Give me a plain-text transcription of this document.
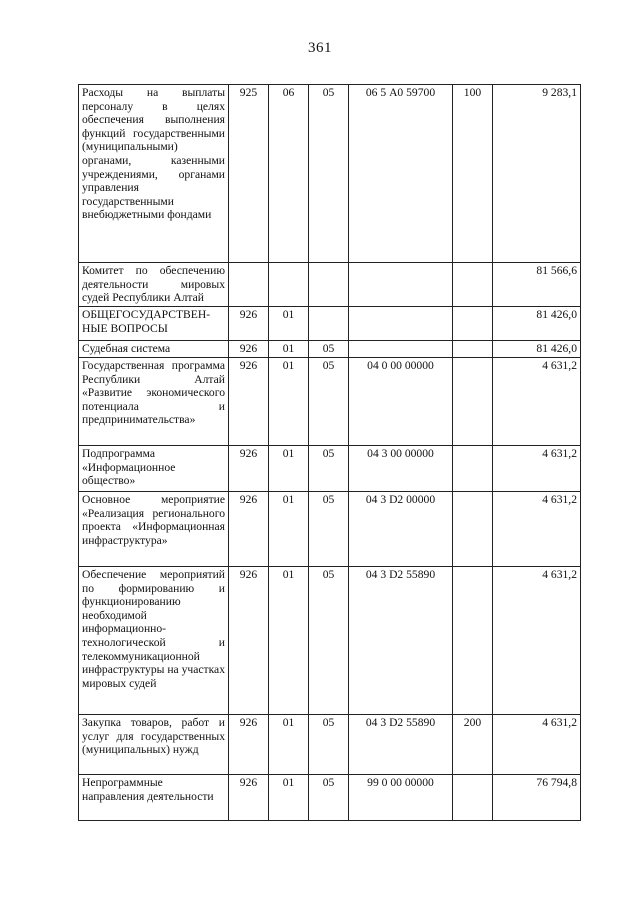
361
Расходы на выплаты персоналу в целях обеспечения выполнения функций государственными (муниципальными) органами, казенными учреждениями, органами управления государственными внебюджетными фондами	925	06	05	06 5 А0 59700	100	9 283,1
Комитет по обеспечению деятельности мировых судей Республики Алтай						81 566,6
ОБЩЕГОСУДАРСТВЕН-НЫЕ ВОПРОСЫ	926	01				81 426,0
Судебная система	926	01	05			81 426,0
Государственная программа Республики Алтай «Развитие экономического потенциала и предпринимательства»	926	01	05	04 0 00 00000		4 631,2
Подпрограмма «Информационное общество»	926	01	05	04 3 00 00000		4 631,2
Основное мероприятие «Реализация регионального проекта «Информационная инфраструктура»	926	01	05	04 3 D2 00000		4 631,2
Обеспечение мероприятий по формированию и функционированию необходимой информационно-технологической и телекоммуникационной инфраструктуры на участках мировых судей	926	01	05	04 3 D2 55890		4 631,2
Закупка товаров, работ и услуг для государственных (муниципальных) нужд	926	01	05	04 3 D2 55890	200	4 631,2
Непрограммные направления деятельности	926	01	05	99 0 00 00000		76 794,8
